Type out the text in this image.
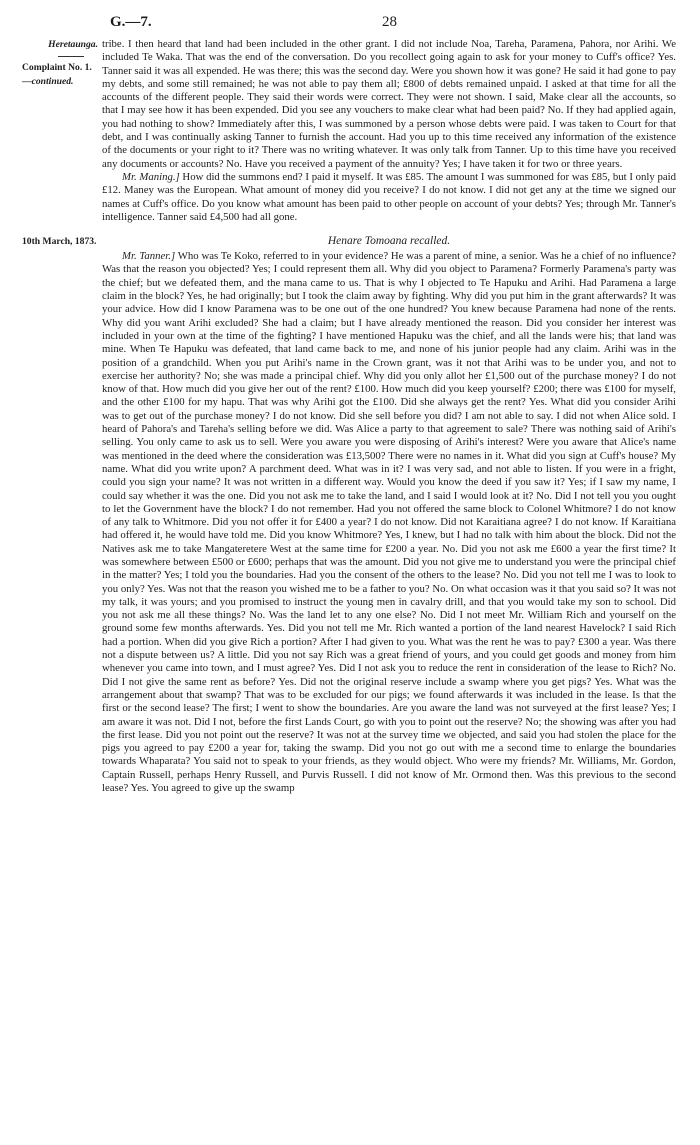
G.—7.	28
Heretaunga.
Complaint No. 1.
—continued.

tribe. I then heard that land had been included in the other grant. I did not include Noa, Tareha, Paramena, Pahora, nor Arihi. We included Te Waka. That was the end of the conversation. Do you recollect going again to ask for your money to Cuff's office? Yes. Tanner said it was all expended. He was there; this was the second day. Were you shown how it was gone? He said it had gone to pay my debts, and some still remained; he was not able to pay them all; £800 of debts remained unpaid. I asked at that time for all the accounts of the different people. They said their words were correct. They were not shown. I said, Make clear all the accounts, so that I may see how it has been expended. Did you see any vouchers to make clear what had been paid? No. If they had applied again, you had nothing to show? Immediately after this, I was summoned by a person whose debts were paid. I was taken to Court for that debt, and I was continually asking Tanner to furnish the account. Had you up to this time received any information of the existence of the documents or your right to it? There was no writing whatever. It was only talk from Tanner. Up to this time have you received any documents or accounts? No. Have you received a payment of the annuity? Yes; I have taken it for two or three years.

Mr. Maning.] How did the summons end? I paid it myself. It was £85. The amount I was summoned for was £85, but I only paid £12. Maney was the European. What amount of money did you receive? I do not know. I did not get any at the time we signed our names at Cuff's office. Do you know what amount has been paid to other people on account of your debts? Yes; through Mr. Tanner's intelligence. Tanner said £4,500 had all gone.

10th March, 1873.	Henare Tomoana recalled.

Mr. Tanner.] Who was Te Koko, referred to in your evidence? He was a parent of mine, a senior. Was he a chief of no influence? Was that the reason you objected? Yes; I could represent them all. Why did you object to Paramena? Formerly Paramena's party was the chief; but we defeated them, and the mana came to us. That is why I objected to Te Hapuku and Arihi. Had Paramena a large claim in the block? Yes, he had originally; but I took the claim away by fighting. Why did you put him in the grant afterwards? It was your advice. How did I know Paramena was to be one out of the one hundred? You knew because Paramena had none of the rents. Why did you want Arihi excluded? She had a claim; but I have already mentioned the reason. Did you consider her interest was included in your own at the time of the fighting? I have mentioned Hapuku was the chief, and all the lands were his; that land was mine. When Te Hapuku was defeated, that land came back to me, and none of his junior people had any claim. Arihi was in the position of a grandchild. When you put Arihi's name in the Crown grant, was it not that Arihi was to be under you, and not to exercise her authority? No; she was made a principal chief. Why did you only allot her £1,500 out of the purchase money? I do not know of that. How much did you give her out of the rent? £100. How much did you keep yourself? £200; there was £100 for myself, and the other £100 for my hapu. That was why Arihi got the £100. Did she always get the rent? Yes. What did you consider Arihi was to get out of the purchase money? I do not know. Did she sell before you did? I am not able to say. I did not when Alice sold. I heard of Pahora's and Tareha's selling before we did. Was Alice a party to that agreement to sale? There was nothing said of Arihi's selling. You only came to ask us to sell. Were you aware you were disposing of Arihi's interest? Were you aware that Alice's name was mentioned in the deed where the consideration was £13,500? There were no names in it. What did you sign at Cuff's house? My name. What did you write upon? A parchment deed. What was in it? I was very sad, and not able to listen. If you were in a fright, could you sign your name? It was not written in a different way. Would you know the deed if you saw it? Yes; if I saw my name, I could say whether it was the one. Did you not ask me to take the land, and I said I would look at it? No. Did I not tell you you ought to let the Government have the block? I do not remember. Had you not offered the same block to Colonel Whitmore? I do not know of any talk to Whitmore. Did you not offer it for £400 a year? I do not know. Did not Karaitiana agree? I do not know. If Karaitiana had offered it, he would have told me. Did you know Whitmore? Yes, I knew, but I had no talk with him about the block. Did not the Natives ask me to take Mangateretere West at the same time for £200 a year. No. Did you not ask me £600 a year the first time? It was somewhere between £500 or £600; perhaps that was the amount. Did you not give me to understand you were the principal chief in the matter? Yes; I told you the boundaries. Had you the consent of the others to the lease? No. Did you not tell me I was to look to you only? Yes. Was not that the reason you wished me to be a father to you? No. On what occasion was it that you said so? It was not my talk, it was yours; and you promised to instruct the young men in cavalry drill, and that you would take my son to school. Did you not ask me all these things? No. Was the land let to any one else? No. Did I not meet Mr. William Rich and yourself on the ground some few months afterwards. Yes. Did you not tell me Mr. Rich wanted a portion of the land nearest Havelock? I said Rich had a portion. When did you give Rich a portion? After I had given to you. What was the rent he was to pay? £300 a year. Was there not a dispute between us? A little. Did you not say Rich was a great friend of yours, and you could get goods and money from him whenever you came into town, and I must agree? Yes. Did I not ask you to reduce the rent in consideration of the lease to Rich? No. Did I not give the same rent as before? Yes. Did not the original reserve include a swamp where you get pigs? Yes. What was the arrangement about that swamp? That was to be excluded for our pigs; we found afterwards it was included in the lease. Is that the first or the second lease? The first; I went to show the boundaries. Are you aware the land was not surveyed at the first lease? Yes; I am aware it was not. Did I not, before the first Lands Court, go with you to point out the reserve? No; the showing was after you had the first lease. Did you not point out the reserve? It was not at the survey time we objected, and said you had stolen the place for the pigs you agreed to pay £200 a year for, taking the swamp. Did you not go out with me a second time to enlarge the boundaries towards Whaparata? You said not to speak to your friends, as they would object. Who were my friends? Mr. Williams, Mr. Gordon, Captain Russell, perhaps Henry Russell, and Purvis Russell. I did not know of Mr. Ormond then. Was this previous to the second lease? Yes. You agreed to give up the swamp
